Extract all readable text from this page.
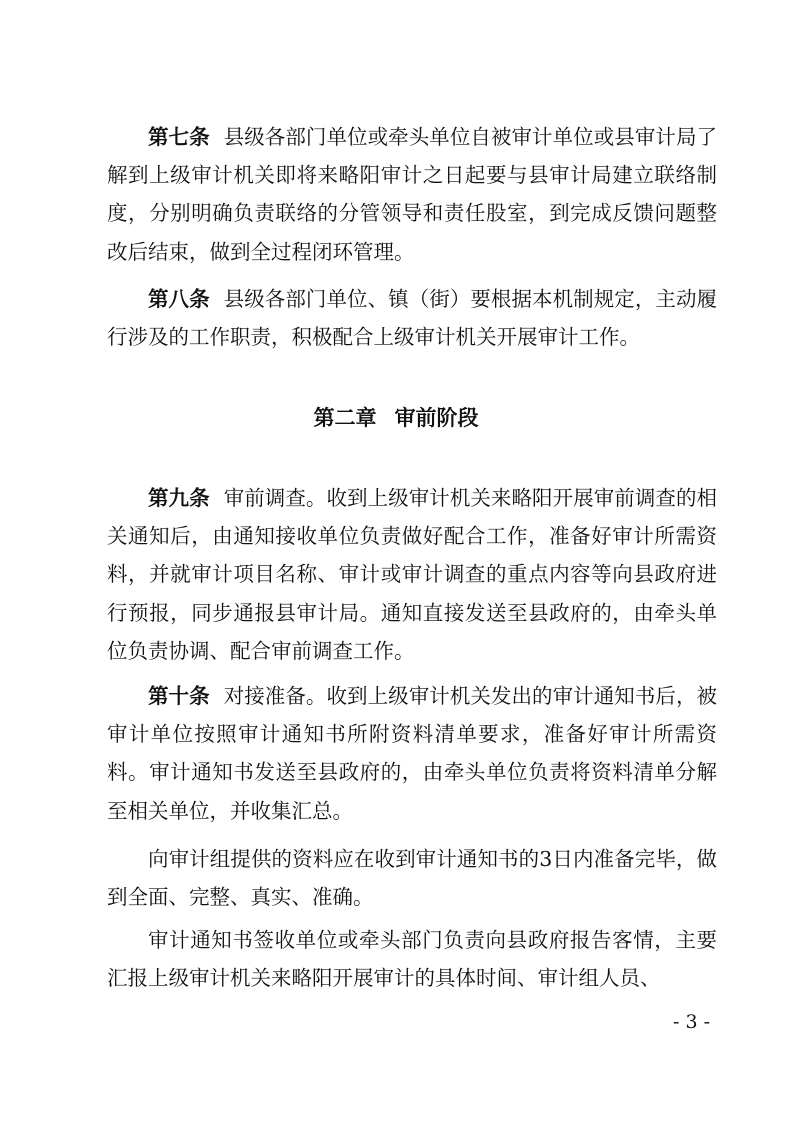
第七条 县级各部门单位或牵头单位自被审计单位或县审计局了解到上级审计机关即将来略阳审计之日起要与县审计局建立联络制度，分别明确负责联络的分管领导和责任股室，到完成反馈问题整改后结束，做到全过程闭环管理。

第八条 县级各部门单位、镇（街）要根据本机制规定，主动履行涉及的工作职责，积极配合上级审计机关开展审计工作。

第二章 审前阶段

第九条 审前调查。收到上级审计机关来略阳开展审前调查的相关通知后，由通知接收单位负责做好配合工作，准备好审计所需资料，并就审计项目名称、审计或审计调查的重点内容等向县政府进行预报，同步通报县审计局。通知直接发送至县政府的，由牵头单位负责协调、配合审前调查工作。

第十条 对接准备。收到上级审计机关发出的审计通知书后，被审计单位按照审计通知书所附资料清单要求，准备好审计所需资料。审计通知书发送至县政府的，由牵头单位负责将资料清单分解至相关单位，并收集汇总。

向审计组提供的资料应在收到审计通知书的3日内准备完毕，做到全面、完整、真实、准确。

审计通知书签收单位或牵头部门负责向县政府报告客情，主要汇报上级审计机关来略阳开展审计的具体时间、审计组人员、

- 3 -
